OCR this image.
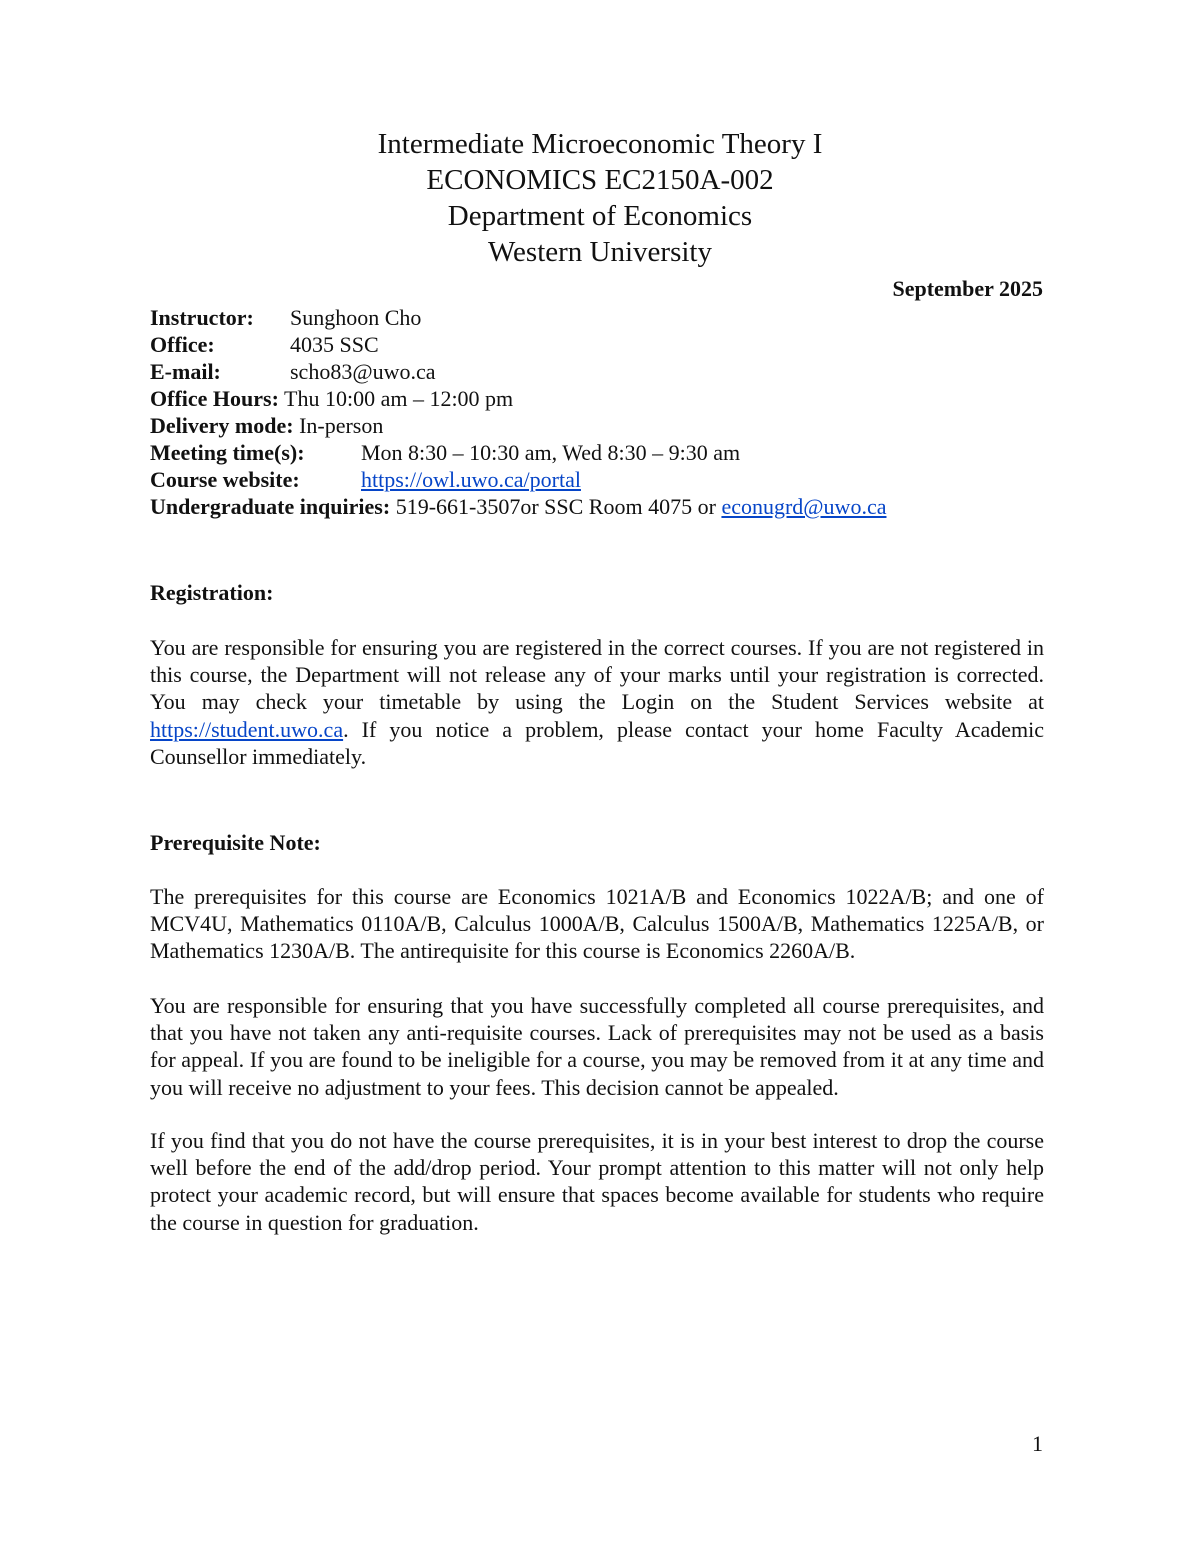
Intermediate Microeconomic Theory I
ECONOMICS EC2150A-002
Department of Economics
Western University
September 2025
Instructor: Sunghoon Cho
Office:	4035 SSC
E-mail:	scho83@uwo.ca
Office Hours: Thu 10:00 am – 12:00 pm
Delivery mode: In-person
Meeting time(s):	Mon 8:30 – 10:30 am, Wed 8:30 – 9:30 am
Course website:	https://owl.uwo.ca/portal
Undergraduate inquiries: 519-661-3507or SSC Room 4075 or econugrd@uwo.ca
Registration:
You are responsible for ensuring you are registered in the correct courses. If you are not registered in this course, the Department will not release any of your marks until your registration is corrected. You may check your timetable by using the Login on the Student Services website at https://student.uwo.ca. If you notice a problem, please contact your home Faculty Academic Counsellor immediately.
Prerequisite Note:
The prerequisites for this course are Economics 1021A/B and Economics 1022A/B; and one of MCV4U, Mathematics 0110A/B, Calculus 1000A/B, Calculus 1500A/B, Mathematics 1225A/B, or Mathematics 1230A/B. The antirequisite for this course is Economics 2260A/B.
You are responsible for ensuring that you have successfully completed all course prerequisites, and that you have not taken any anti-requisite courses. Lack of prerequisites may not be used as a basis for appeal. If you are found to be ineligible for a course, you may be removed from it at any time and you will receive no adjustment to your fees. This decision cannot be appealed.
If you find that you do not have the course prerequisites, it is in your best interest to drop the course well before the end of the add/drop period. Your prompt attention to this matter will not only help protect your academic record, but will ensure that spaces become available for students who require the course in question for graduation.
1
